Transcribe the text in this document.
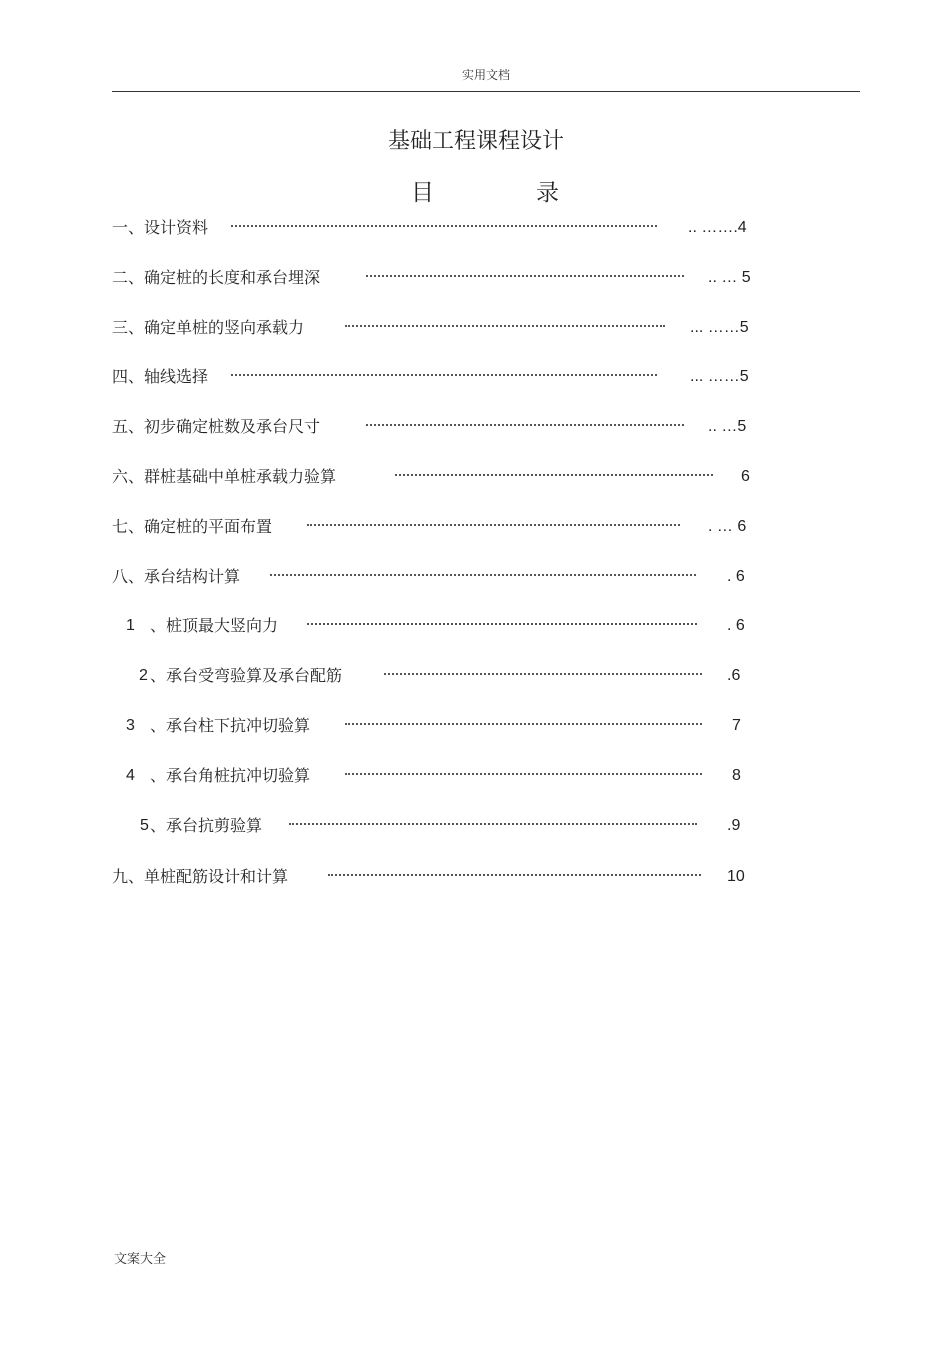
实用文档
基础工程课程设计
目	录
一、设计资料	.. …….4
二、确定桩的长度和承台埋深	.. … 5
三、确定单桩的竖向承载力	... ……5
四、轴线选择	... ……5
五、初步确定桩数及承台尺寸	.. …5
六、群桩基础中单桩承载力验算	6
七、确定桩的平面布置	. … 6
八、承台结构计算	. 6
1 、桩顶最大竖向力	. 6
2 、承台受弯验算及承台配筋	.6
3 、承台柱下抗冲切验算	7
4 、承台角桩抗冲切验算	8
5 、承台抗剪验算	.9
九、单桩配筋设计和计算	10
文案大全
